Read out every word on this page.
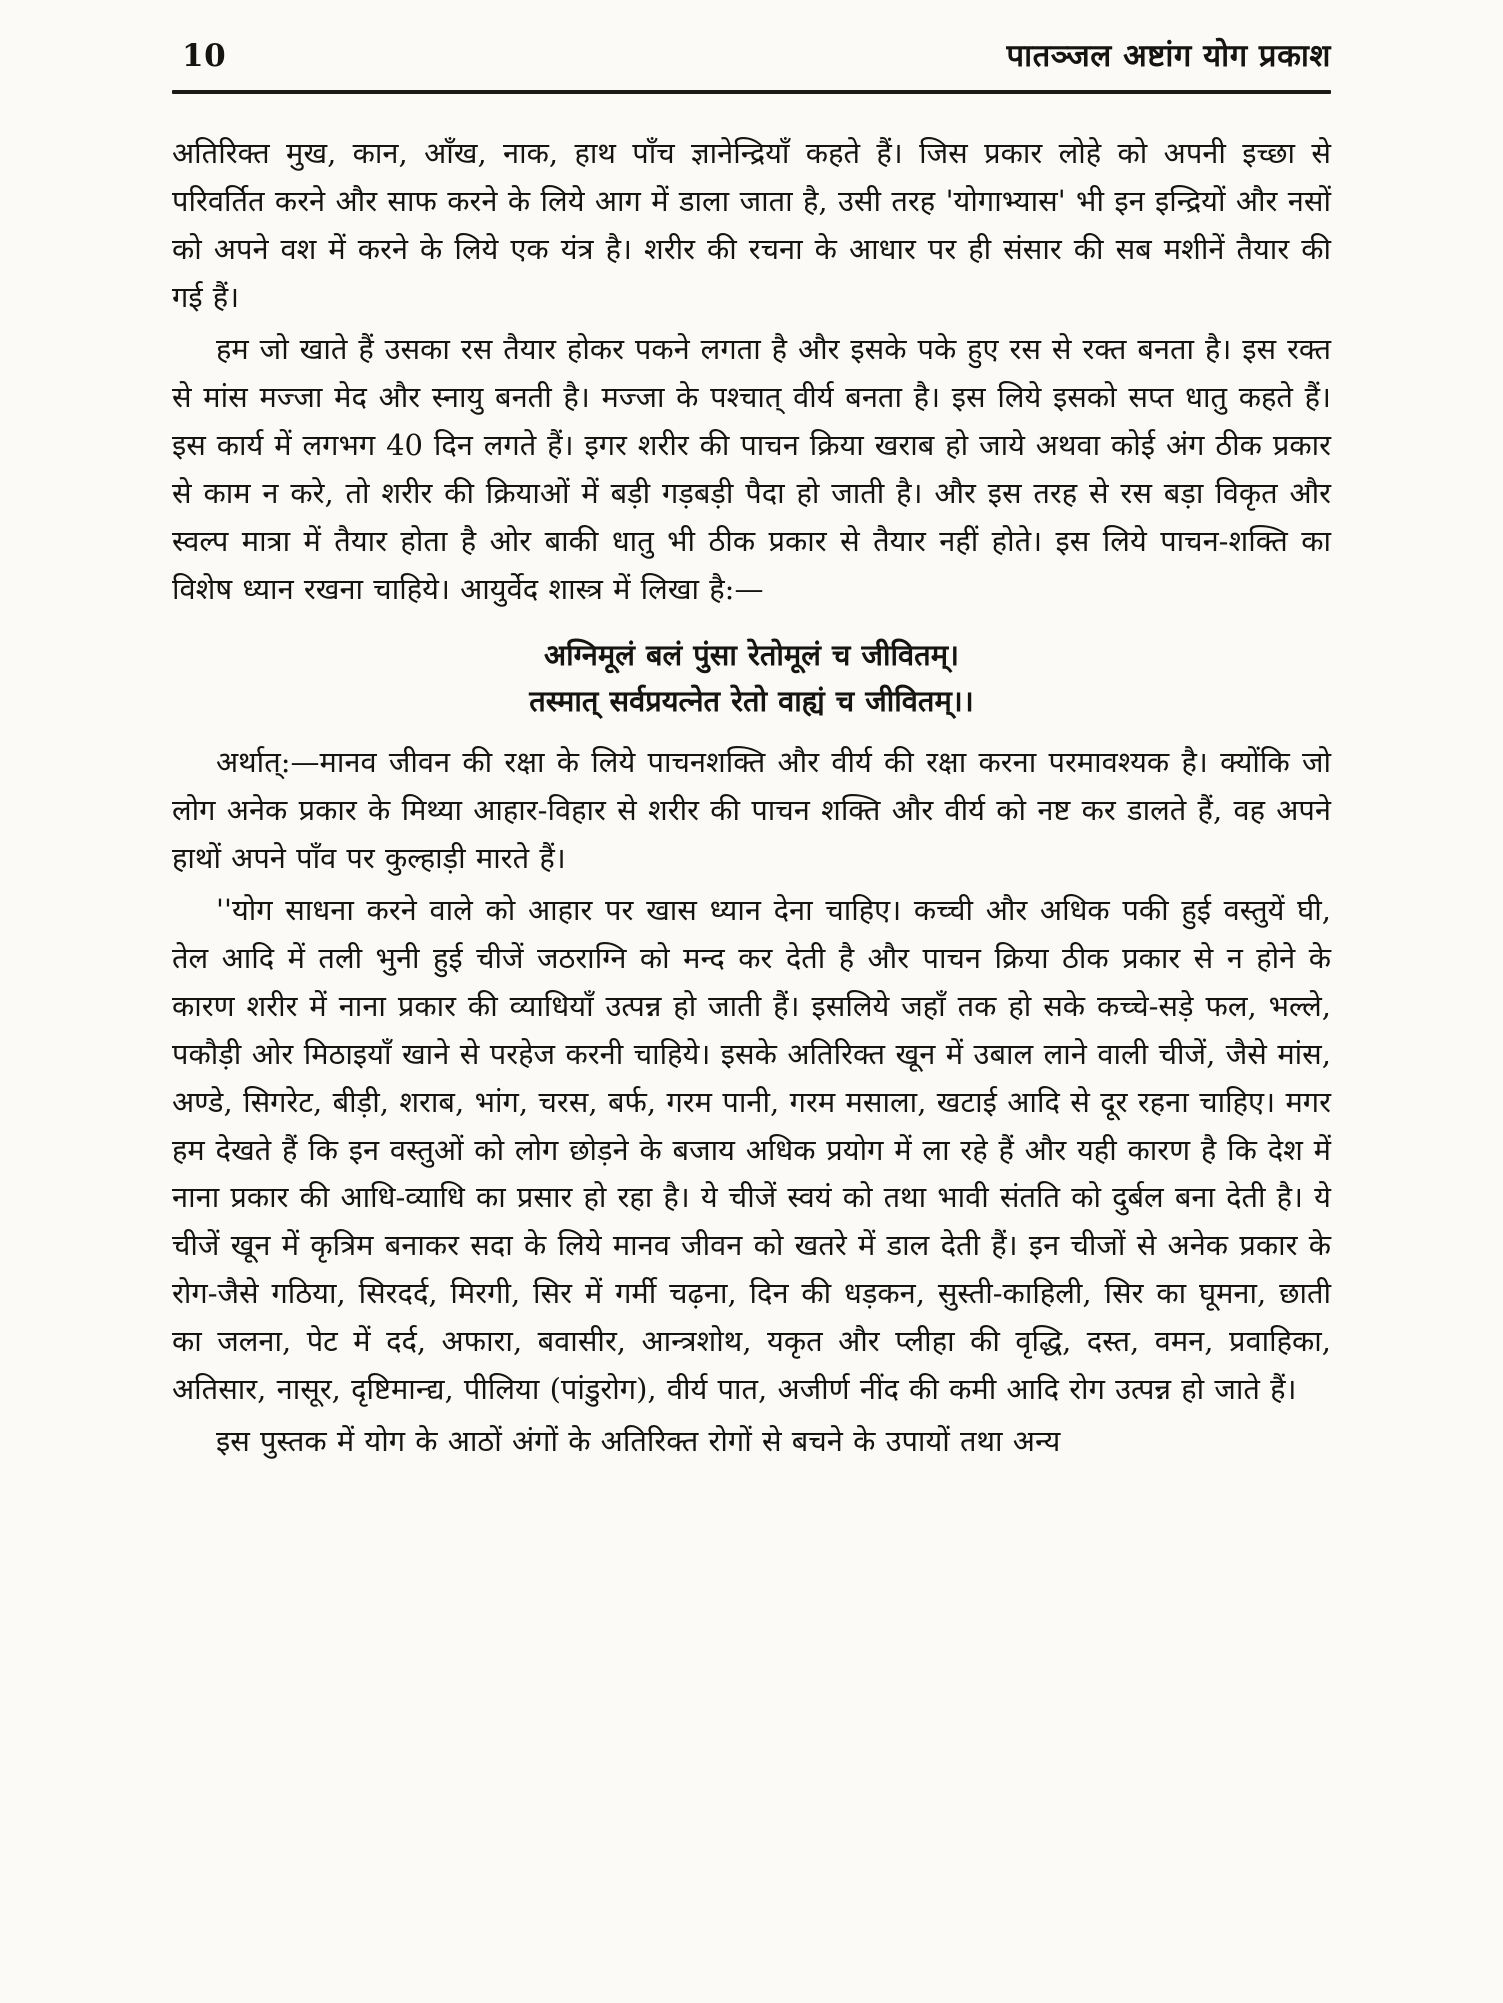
10	पातञ्जल अष्टांग योग प्रकाश

अतिरिक्त मुख, कान, आँख, नाक, हाथ पाँच ज्ञानेन्द्रियाँ कहते हैं। जिस प्रकार लोहे को अपनी इच्छा से परिवर्तित करने और साफ करने के लिये आग में डाला जाता है, उसी तरह 'योगाभ्यास' भी इन इन्द्रियों और नसों को अपने वश में करने के लिये एक यंत्र है। शरीर की रचना के आधार पर ही संसार की सब मशीनें तैयार की गई हैं।

हम जो खाते हैं उसका रस तैयार होकर पकने लगता है और इसके पके हुए रस से रक्त बनता है। इस रक्त से मांस मज्जा मेद और स्नायु बनती है। मज्जा के पश्चात् वीर्य बनता है। इस लिये इसको सप्त धातु कहते हैं। इस कार्य में लगभग 40 दिन लगते हैं। इगर शरीर की पाचन क्रिया खराब हो जाये अथवा कोई अंग ठीक प्रकार से काम न करे, तो शरीर की क्रियाओं में बड़ी गड़बड़ी पैदा हो जाती है। और इस तरह से रस बड़ा विकृत और स्वल्प मात्रा में तैयार होता है ओर बाकी धातु भी ठीक प्रकार से तैयार नहीं होते। इस लिये पाचन-शक्ति का विशेष ध्यान रखना चाहिये। आयुर्वेद शास्त्र में लिखा है:—

अग्निमूलं बलं पुंसा रेतोमूलं च जीवितम्।
तस्मात् सर्वप्रयत्नेत रेतो वाह्यं च जीवितम्।।

अर्थात्:—मानव जीवन की रक्षा के लिये पाचनशक्ति और वीर्य की रक्षा करना परमावश्यक है। क्योंकि जो लोग अनेक प्रकार के मिथ्या आहार-विहार से शरीर की पाचन शक्ति और वीर्य को नष्ट कर डालते हैं, वह अपने हाथों अपने पाँव पर कुल्हाड़ी मारते हैं।

''योग साधना करने वाले को आहार पर खास ध्यान देना चाहिए। कच्ची और अधिक पकी हुई वस्तुयें घी, तेल आदि में तली भुनी हुई चीजें जठराग्नि को मन्द कर देती है और पाचन क्रिया ठीक प्रकार से न होने के कारण शरीर में नाना प्रकार की व्याधियाँ उत्पन्न हो जाती हैं। इसलिये जहाँ तक हो सके कच्चे-सड़े फल, भल्ले, पकौड़ी ओर मिठाइयाँ खाने से परहेज करनी चाहिये। इसके अतिरिक्त खून में उबाल लाने वाली चीजें, जैसे मांस, अण्डे, सिगरेट, बीड़ी, शराब, भांग, चरस, बर्फ, गरम पानी, गरम मसाला, खटाई आदि से दूर रहना चाहिए। मगर हम देखते हैं कि इन वस्तुओं को लोग छोड़ने के बजाय अधिक प्रयोग में ला रहे हैं और यही कारण है कि देश में नाना प्रकार की आधि-व्याधि का प्रसार हो रहा है। ये चीजें स्वयं को तथा भावी संतति को दुर्बल बना देती है। ये चीजें खून में कृत्रिम बनाकर सदा के लिये मानव जीवन को खतरे में डाल देती हैं। इन चीजों से अनेक प्रकार के रोग-जैसे गठिया, सिरदर्द, मिरगी, सिर में गर्मी चढ़ना, दिन की धड़कन, सुस्ती-काहिली, सिर का घूमना, छाती का जलना, पेट में दर्द, अफारा, बवासीर, आन्त्रशोथ, यकृत और प्लीहा की वृद्धि, दस्त, वमन, प्रवाहिका, अतिसार, नासूर, दृष्टिमान्द्य, पीलिया (पांडुरोग), वीर्य पात, अजीर्ण नींद की कमी आदि रोग उत्पन्न हो जाते हैं।

इस पुस्तक में योग के आठों अंगों के अतिरिक्त रोगों से बचने के उपायों तथा अन्य
